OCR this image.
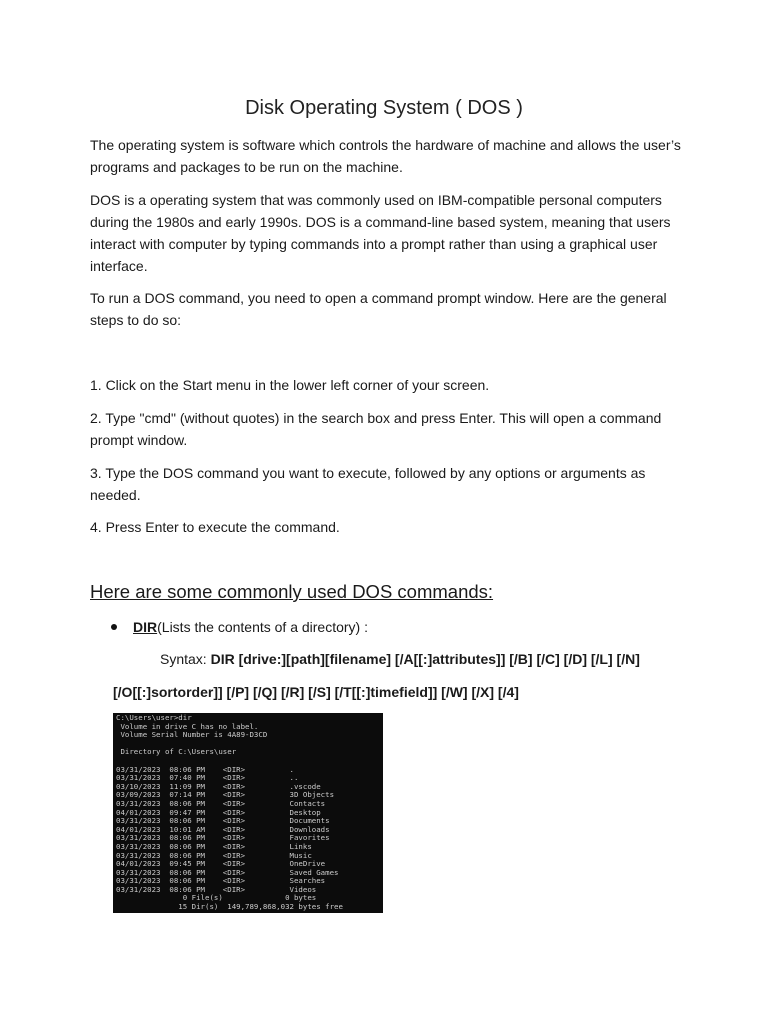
Disk Operating System ( DOS )

The operating system is software which controls the hardware of machine and allows the user’s programs and packages to be run on the machine.

DOS is a operating system that was commonly used on IBM-compatible personal computers during the 1980s and early 1990s. DOS is a command-line based system, meaning that users interact with computer by typing commands into a prompt rather than using a graphical user interface.

To run a DOS command, you need to open a command prompt window. Here are the general steps to do so:

1. Click on the Start menu in the lower left corner of your screen.

2. Type "cmd" (without quotes) in the search box and press Enter. This will open a command prompt window.

3. Type the DOS command you want to execute, followed by any options or arguments as needed.

4. Press Enter to execute the command.

Here are some commonly used DOS commands:
DIR (Lists the contents of a directory) :
Syntax: DIR [drive:][path][filename] [/A[[:]attributes]] [/B] [/C] [/D] [/L] [/N]
[/O[[:]sortorder]] [/P] [/Q] [/R] [/S] [/T[[:]timefield]] [/W] [/X] [/4]
C:\Users\user>dir
Volume in drive C has no label.
Volume Serial Number is 4A89-D3CD
Directory of C:\Users\user
03/31/2023  08:06 PM    <DIR>          .
03/31/2023  07:40 PM    <DIR>          ..
03/10/2023  11:09 PM    <DIR>          .vscode
03/09/2023  07:14 PM    <DIR>          3D Objects
03/31/2023  08:06 PM    <DIR>          Contacts
04/01/2023  09:47 PM    <DIR>          Desktop
03/31/2023  08:06 PM    <DIR>          Documents
04/01/2023  10:01 AM    <DIR>          Downloads
03/31/2023  08:06 PM    <DIR>          Favorites
03/31/2023  08:06 PM    <DIR>          Links
03/31/2023  08:06 PM    <DIR>          Music
04/01/2023  09:45 PM    <DIR>          OneDrive
03/31/2023  08:06 PM    <DIR>          Saved Games
03/31/2023  08:06 PM    <DIR>          Searches
03/31/2023  08:06 PM    <DIR>          Videos
0 File(s)              0 bytes
15 Dir(s)  149,789,868,032 bytes free
